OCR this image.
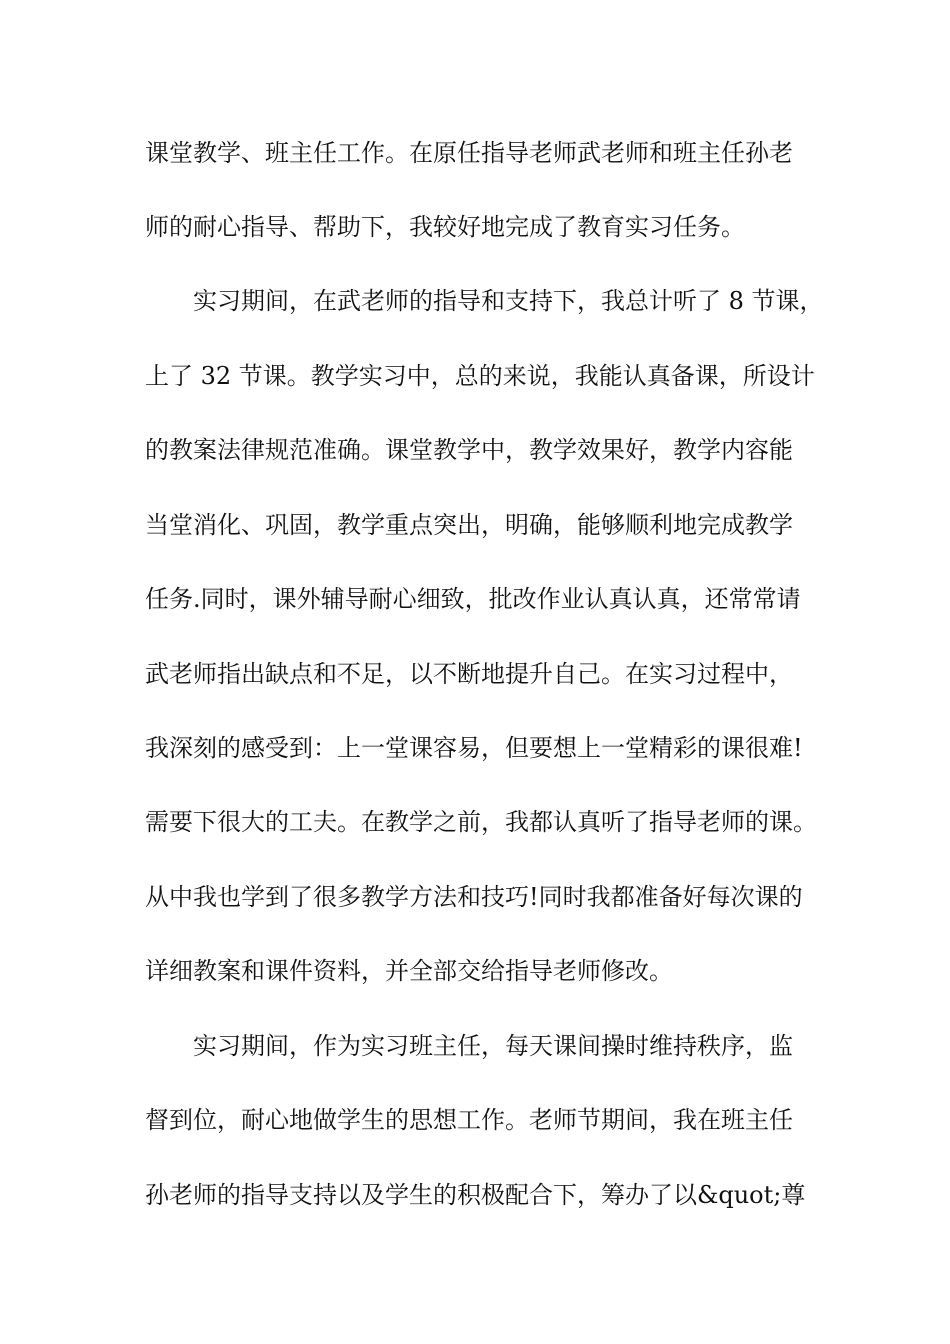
课堂教学、班主任工作。在原任指导老师武老师和班主任孙老

师的耐心指导、帮助下，我较好地完成了教育实习任务。

实习期间，在武老师的指导和支持下，我总计听了 8 节课，

上了 32 节课。教学实习中，总的来说，我能认真备课，所设计

的教案法律规范准确。课堂教学中，教学效果好，教学内容能

当堂消化、巩固，教学重点突出，明确，能够顺利地完成教学

任务.同时，课外辅导耐心细致，批改作业认真认真，还常常请

武老师指出缺点和不足，以不断地提升自己。在实习过程中，

我深刻的感受到：上一堂课容易，但要想上一堂精彩的课很难!

需要下很大的工夫。在教学之前，我都认真听了指导老师的课。

从中我也学到了很多教学方法和技巧!同时我都准备好每次课的

详细教案和课件资料，并全部交给指导老师修改。

实习期间，作为实习班主任，每天课间操时维持秩序，监

督到位，耐心地做学生的思想工作。老师节期间，我在班主任

孙老师的指导支持以及学生的积极配合下，筹办了以&quot;尊
